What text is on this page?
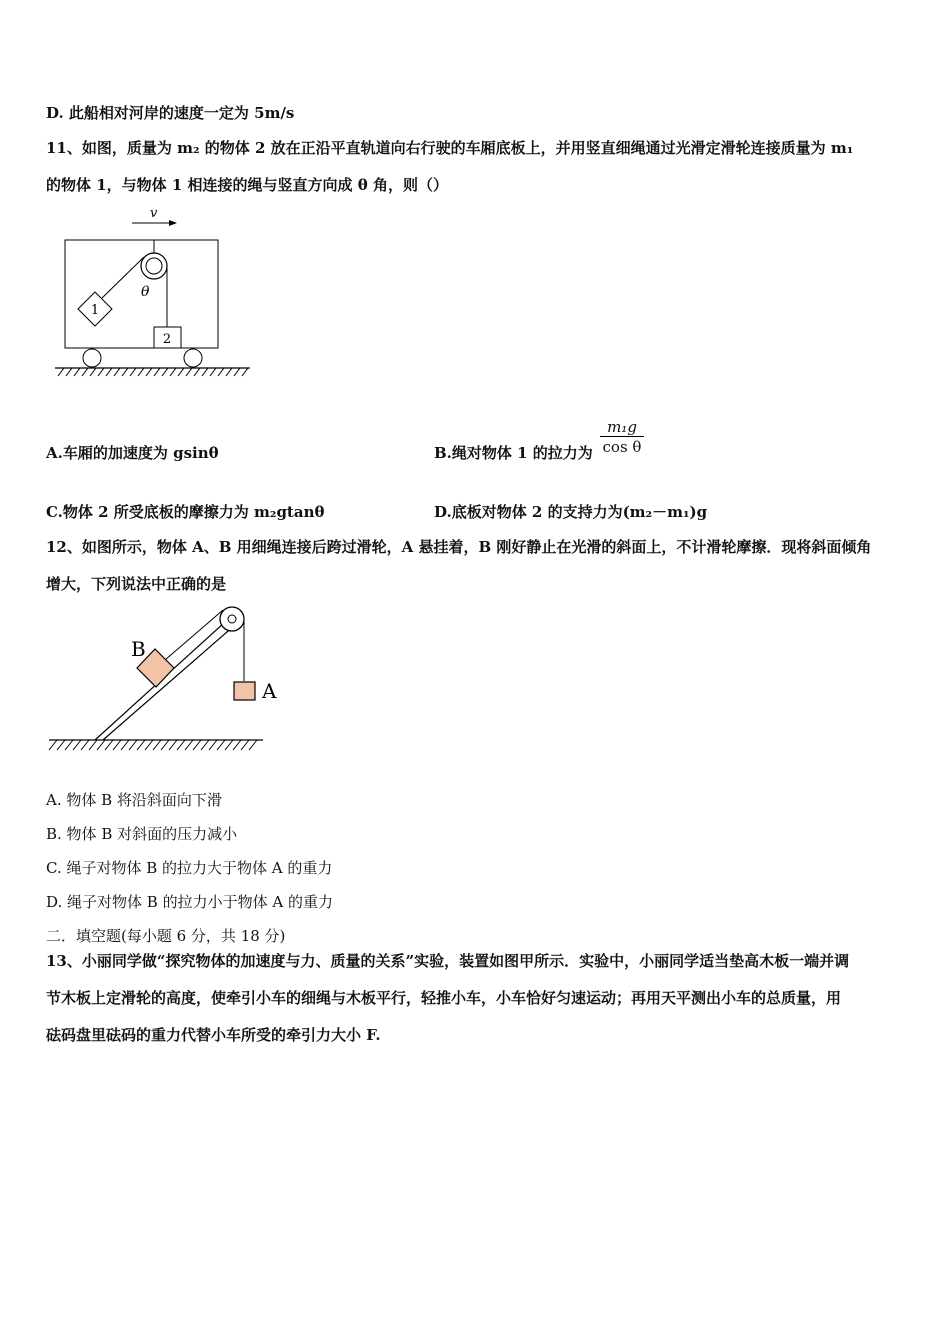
D. 此船相对河岸的速度一定为 5m/s
11、如图，质量为 m₂ 的物体 2 放在正沿平直轨道向右行驶的车厢底板上，并用竖直细绳通过光滑定滑轮连接质量为 m₁
的物体 1，与物体 1 相连接的绳与竖直方向成 θ 角，则（）
v
θ
1
2
A.车厢的加速度为 gsinθ	B.绳对物体 1 的拉力为 $\frac{\text{m₁g}}{\text{cos θ}}$
C.物体 2 所受底板的摩擦力为 m₂gtanθ	D.底板对物体 2 的支持力为(m₂－m₁)g
12、如图所示，物体 A、B 用细绳连接后跨过滑轮，A 悬挂着，B 刚好静止在光滑的斜面上，不计滑轮摩擦．现将斜面倾角
增大，下列说法中正确的是
B
A
A. 物体 B 将沿斜面向下滑
B. 物体 B 对斜面的压力减小
C. 绳子对物体 B 的拉力大于物体 A 的重力
D. 绳子对物体 B 的拉力小于物体 A 的重力
二．填空题(每小题 6 分，共 18 分)
13、小丽同学做“探究物体的加速度与力、质量的关系”实验，装置如图甲所示．实验中，小丽同学适当垫高木板一端并调
节木板上定滑轮的高度，使牵引小车的细绳与木板平行，轻推小车，小车恰好匀速运动；再用天平测出小车的总质量，用
砝码盘里砝码的重力代替小车所受的牵引力大小 F.
